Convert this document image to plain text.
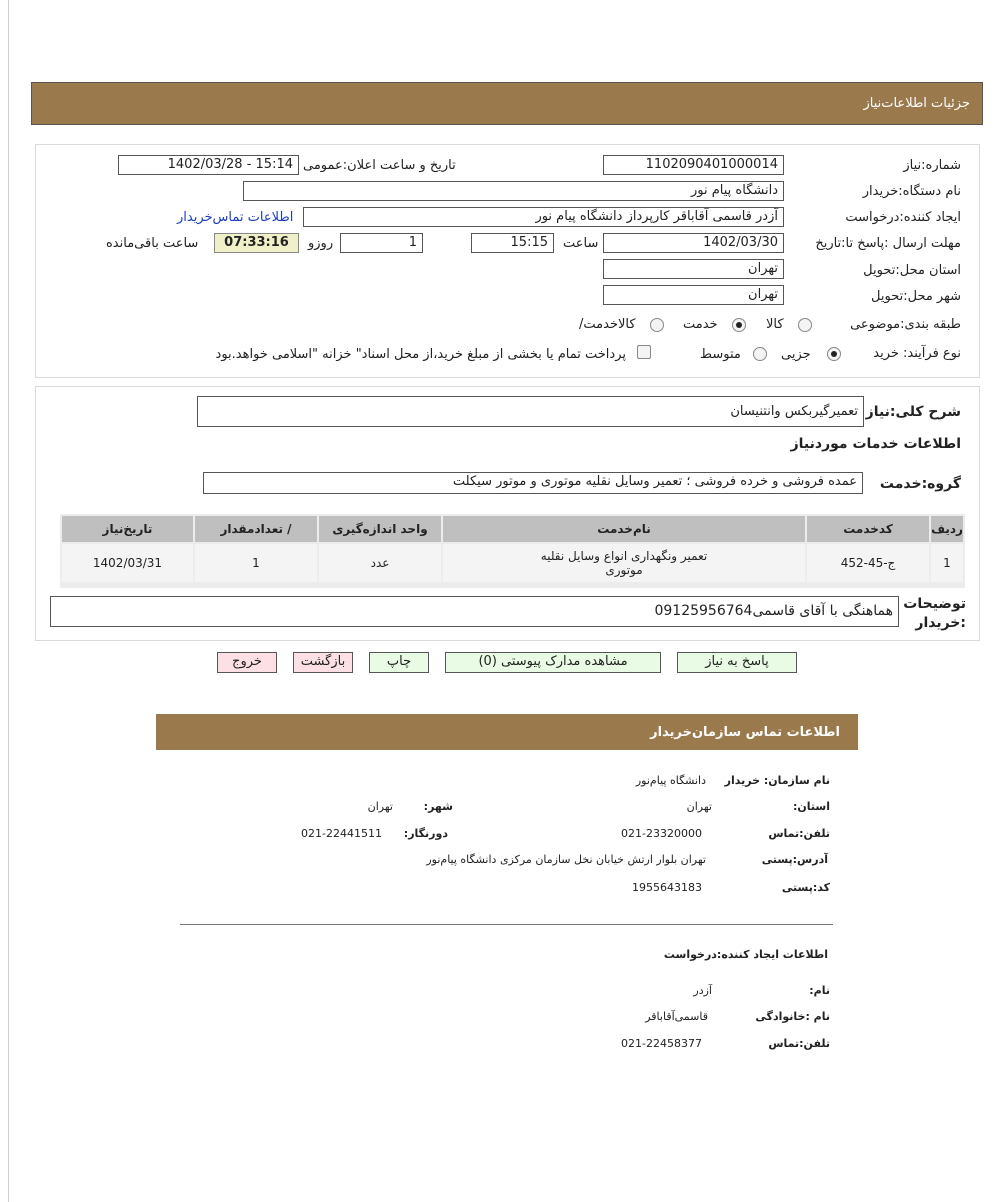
جزئیات اطلاعات‌نیاز
شماره:نیاز
1102090401000014
تاریخ و ساعت اعلان:عمومی
1402/03/28 - 15:14
نام دستگاه:خریدار
دانشگاه پیام نور
ایجاد کننده:درخواست
آزدر قاسمی آقاباقر کارپرداز دانشگاه پیام نور
اطلاعات تماس‌خریدار
مهلت ارسال :پاسخ تا:تاریخ
1402/03/30
ساعت
15:15
1
روزو
07:33:16
ساعت باقی‌مانده
استان محل:تحویل
تهران
شهر محل:تحویل
تهران
طبقه بندی:موضوعی
کالا
خدمت
/کالاخدمت
نوع فرآیند: خرید
جزیی
متوسط
پرداخت تمام یا بخشی از مبلغ خرید،از محل اسناد" خزانه "اسلامی خواهد.بود
شرح کلی:نیاز
تعمیرگیربکس وانتنیسان
اطلاعات خدمات موردنیاز
گروه:خدمت
عمده فروشی و خرده فروشی ؛ تعمیر وسایل نقلیه موتوری و موتور سیکلت
ردیف	کدخدمت	نام‌خدمت	واحد اندازه‌گیری	/ تعدادمقدار	تاریخ‌نیاز
1	ج-45-452	تعمیر ونگهداری انواع وسایل نقلیه
موتوری	عدد	1	1402/03/31
توضیحات
:خریدار
هماهنگی با آقای قاسمی09125956764
پاسخ به نیاز
مشاهده مدارک پیوستی (0)
چاپ
بازگشت
خروج
اطلاعات تماس سازمان‌خریدار
نام سازمان: خریدار
دانشگاه پیام‌نور
:استان
تهران
:شهر
تهران
تلفن:تماس
021-23320000
:دورنگار
021-22441511
آدرس:پستی
تهران بلوار ارتش خیابان نخل سازمان مرکزی دانشگاه پیام‌نور
کد:پستی
1955643183
اطلاعات ایجاد کننده:درخواست
:نام
آزدر
نام :خانوادگی
قاسمی‌آقاباقر
تلفن:تماس
021-22458377
